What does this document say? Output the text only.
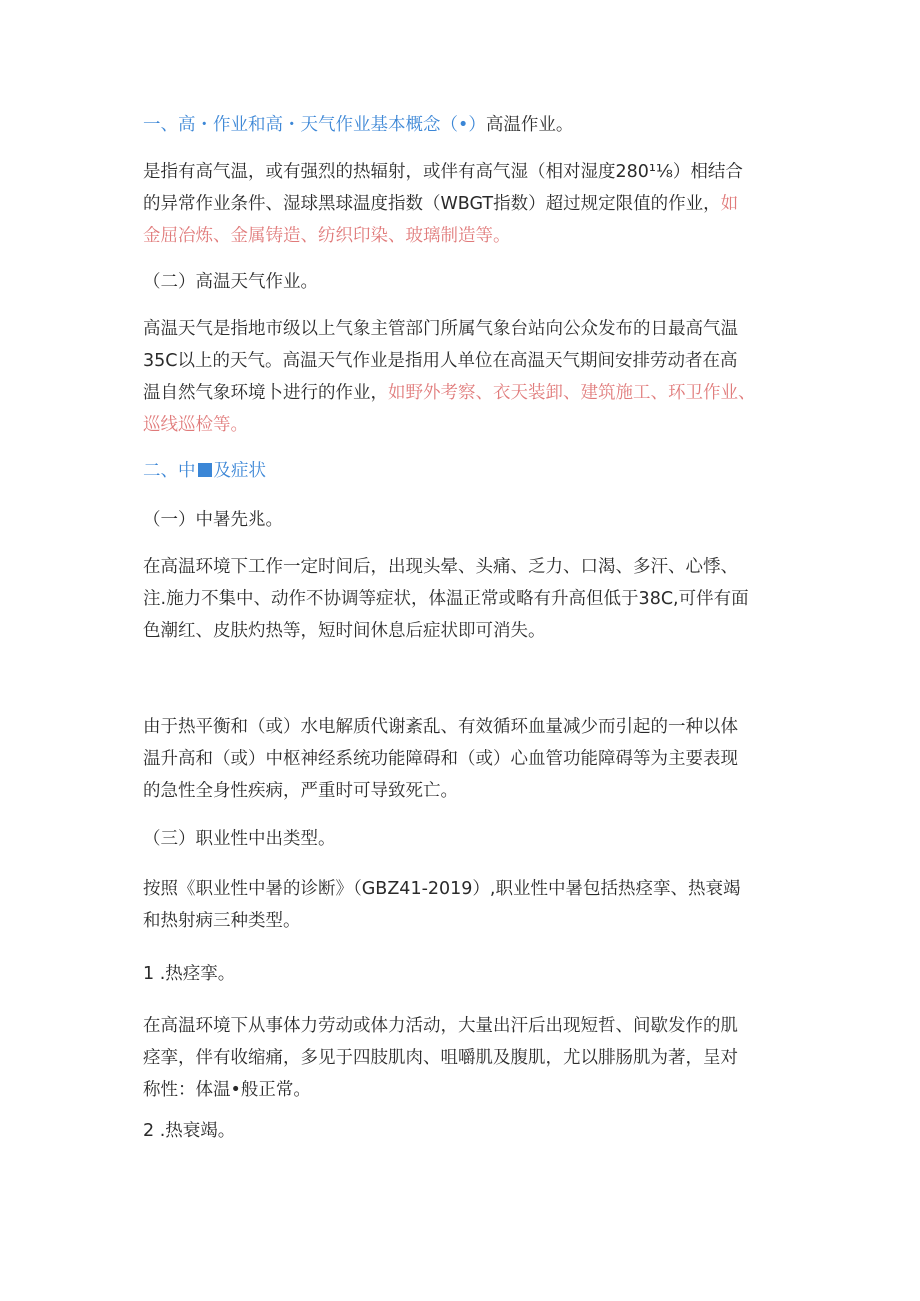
一、高・作业和高・天气作业基本概念（•）高温作业。

是指有高气温，或有强烈的热辐射，或伴有高气湿（相对湿度280¹⅛）相结合

的异常作业条件、湿球黑球温度指数（WBGT指数）超过规定限值的作业，如

金屈冶炼、金属铸造、纺织印染、玻璃制造等。

（二）高温天气作业。

高温天气是指地市级以上气象主管部门所属气象台站向公众发布的日最高气温

35C以上的天气。高温天气作业是指用人单位在高温天气期间安排劳动者在高

温自然气象环境卜进行的作业，如野外考察、衣天装卸、建筑施工、环卫作业、

巡线巡检等。

二、中 及症状

（一）中暑先兆。

在高温环境下工作一定时间后，出现头晕、头痛、乏力、口渴、多汗、心悸、

注.施力不集中、动作不协调等症状，体温正常或略有升高但低于38C,可伴有面

色潮红、皮肤灼热等，短时间休息后症状即可消失。

由于热平衡和（或）水电解质代谢紊乱、有效循环血量减少而引起的一种以体

温升高和（或）中枢神经系统功能障碍和（或）心血管功能障碍等为主要表现

的急性全身性疾病，严重时可导致死亡。

（三）职业性中出类型。

按照《职业性中暑的诊断》（GBZ41-2019）,职业性中暑包括热痉挛、热衰竭

和热射病三种类型。

1 .热痉挛。

在高温环境下从事体力劳动或体力活动，大量出汗后出现短哲、间歇发作的肌

痉挛，伴有收缩痛，多见于四肢肌肉、咀嚼肌及腹肌，尤以腓肠肌为著，呈对

称性：体温•般正常。

2 .热衰竭。
